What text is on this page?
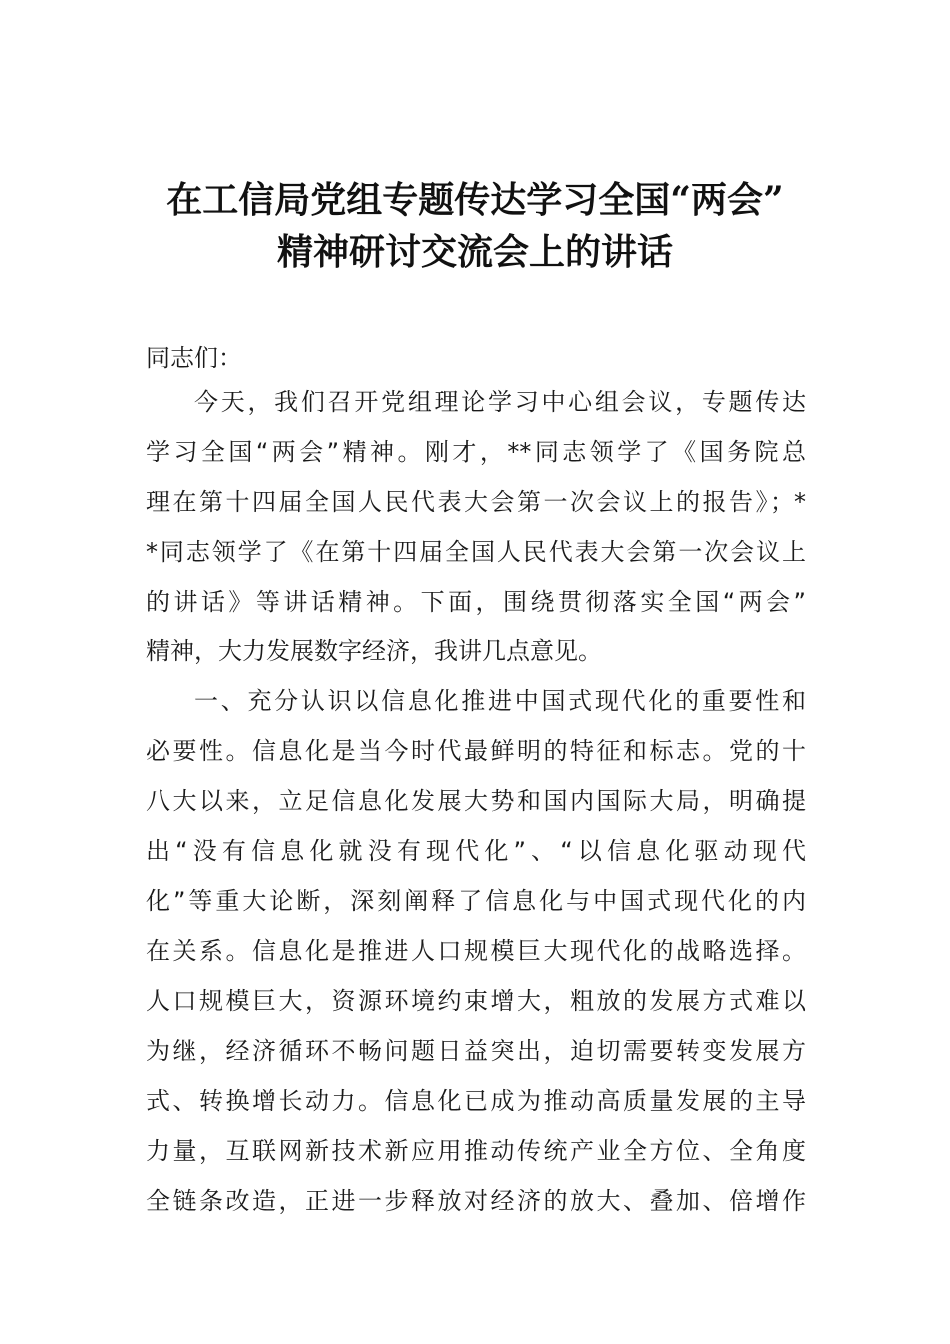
在工信局党组专题传达学习全国“两会”
精神研讨交流会上的讲话
同志们：
今天，我们召开党组理论学习中心组会议，专题传达
学习全国“两会”精神。刚才，**同志领学了《国务院总
理在第十四届全国人民代表大会第一次会议上的报告》；*
*同志领学了《在第十四届全国人民代表大会第一次会议上
的讲话》等讲话精神。下面，围绕贯彻落实全国“两会”
精神，大力发展数字经济，我讲几点意见。
一、充分认识以信息化推进中国式现代化的重要性和
必要性。信息化是当今时代最鲜明的特征和标志。党的十
八大以来，立足信息化发展大势和国内国际大局，明确提
出“没有信息化就没有现代化”、“以信息化驱动现代
化”等重大论断，深刻阐释了信息化与中国式现代化的内
在关系。信息化是推进人口规模巨大现代化的战略选择。
人口规模巨大，资源环境约束增大，粗放的发展方式难以
为继，经济循环不畅问题日益突出，迫切需要转变发展方
式、转换增长动力。信息化已成为推动高质量发展的主导
力量，互联网新技术新应用推动传统产业全方位、全角度
全链条改造，正进一步释放对经济的放大、叠加、倍增作
